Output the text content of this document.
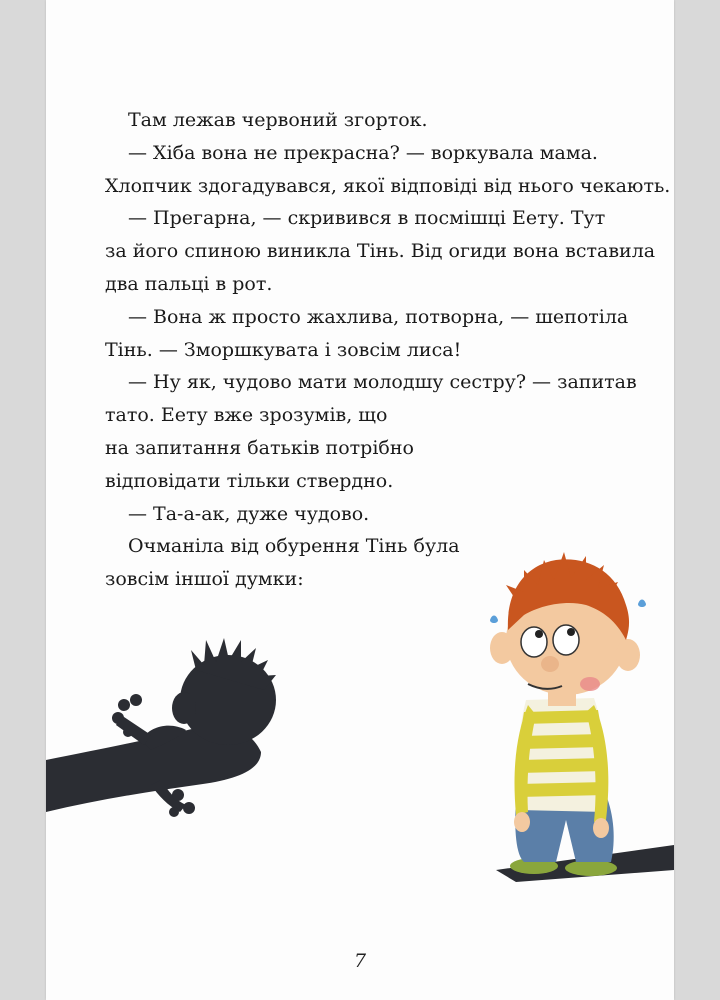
Там лежав червоний згорток.

— Хіба вона не прекрасна? — воркувала мама.

Хлопчик здогадувався, якої відповіді від нього чекають.

— Прегарна, — скривився в посмішці Еету. Тут

за його спиною виникла Тінь. Від огиди вона вставила

два пальці в рот.

— Вона ж просто жахлива, потворна, — шепотіла

Тінь. — Зморшкувата і зовсім лиса!

— Ну як, чудово мати молодшу сестру? — запитав

тато. Еету вже зрозумів, що

на запитання батьків потрібно

відповідати тільки ствердно.

— Та-а-ак, дуже чудово.

Очманіла від обурення Тінь була

зовсім іншої думки:

7
